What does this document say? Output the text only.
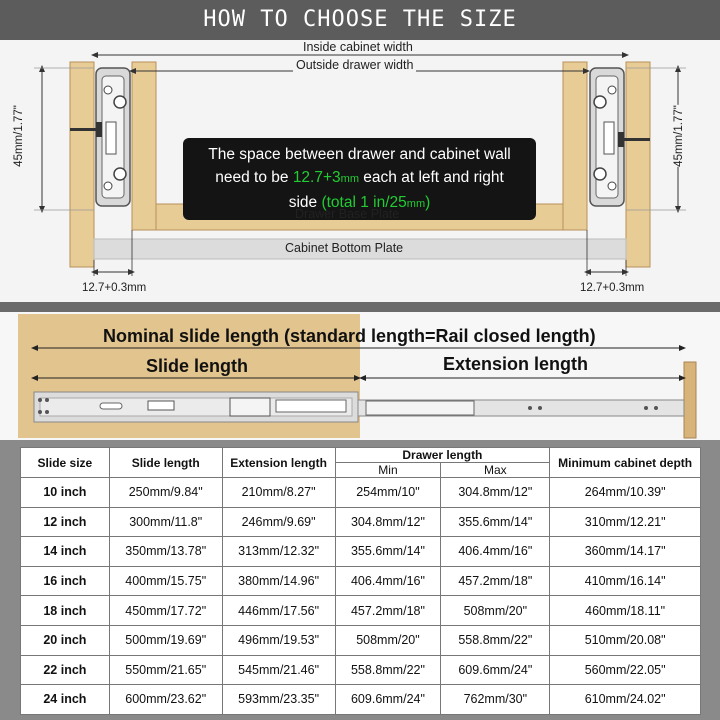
HOW TO CHOOSE THE SIZE
Inside cabinet width
Outside drawer width
45mm/1.77"	45mm/1.77"
The space between drawer and cabinet wall
need to be 12.7+3mm each at left and right
side (total 1 in/25mm)
Drawer Base Plate
Cabinet Bottom Plate
12.7+0.3mm	12.7+0.3mm
Nominal slide length (standard length=Rail closed length)
Slide length	Extension length
Slide size	Slide length	Extension length	Drawer length		Minimum cabinet depth
			Min	Max	
10 inch	250mm/9.84"	210mm/8.27"	254mm/10"	304.8mm/12"	264mm/10.39"
12 inch	300mm/11.8"	246mm/9.69"	304.8mm/12"	355.6mm/14"	310mm/12.21"
14 inch	350mm/13.78"	313mm/12.32"	355.6mm/14"	406.4mm/16"	360mm/14.17"
16 inch	400mm/15.75"	380mm/14.96"	406.4mm/16"	457.2mm/18"	410mm/16.14"
18 inch	450mm/17.72"	446mm/17.56"	457.2mm/18"	508mm/20"	460mm/18.11"
20 inch	500mm/19.69"	496mm/19.53"	508mm/20"	558.8mm/22"	510mm/20.08"
22 inch	550mm/21.65"	545mm/21.46"	558.8mm/22"	609.6mm/24"	560mm/22.05"
24 inch	600mm/23.62"	593mm/23.35"	609.6mm/24"	762mm/30"	610mm/24.02"
